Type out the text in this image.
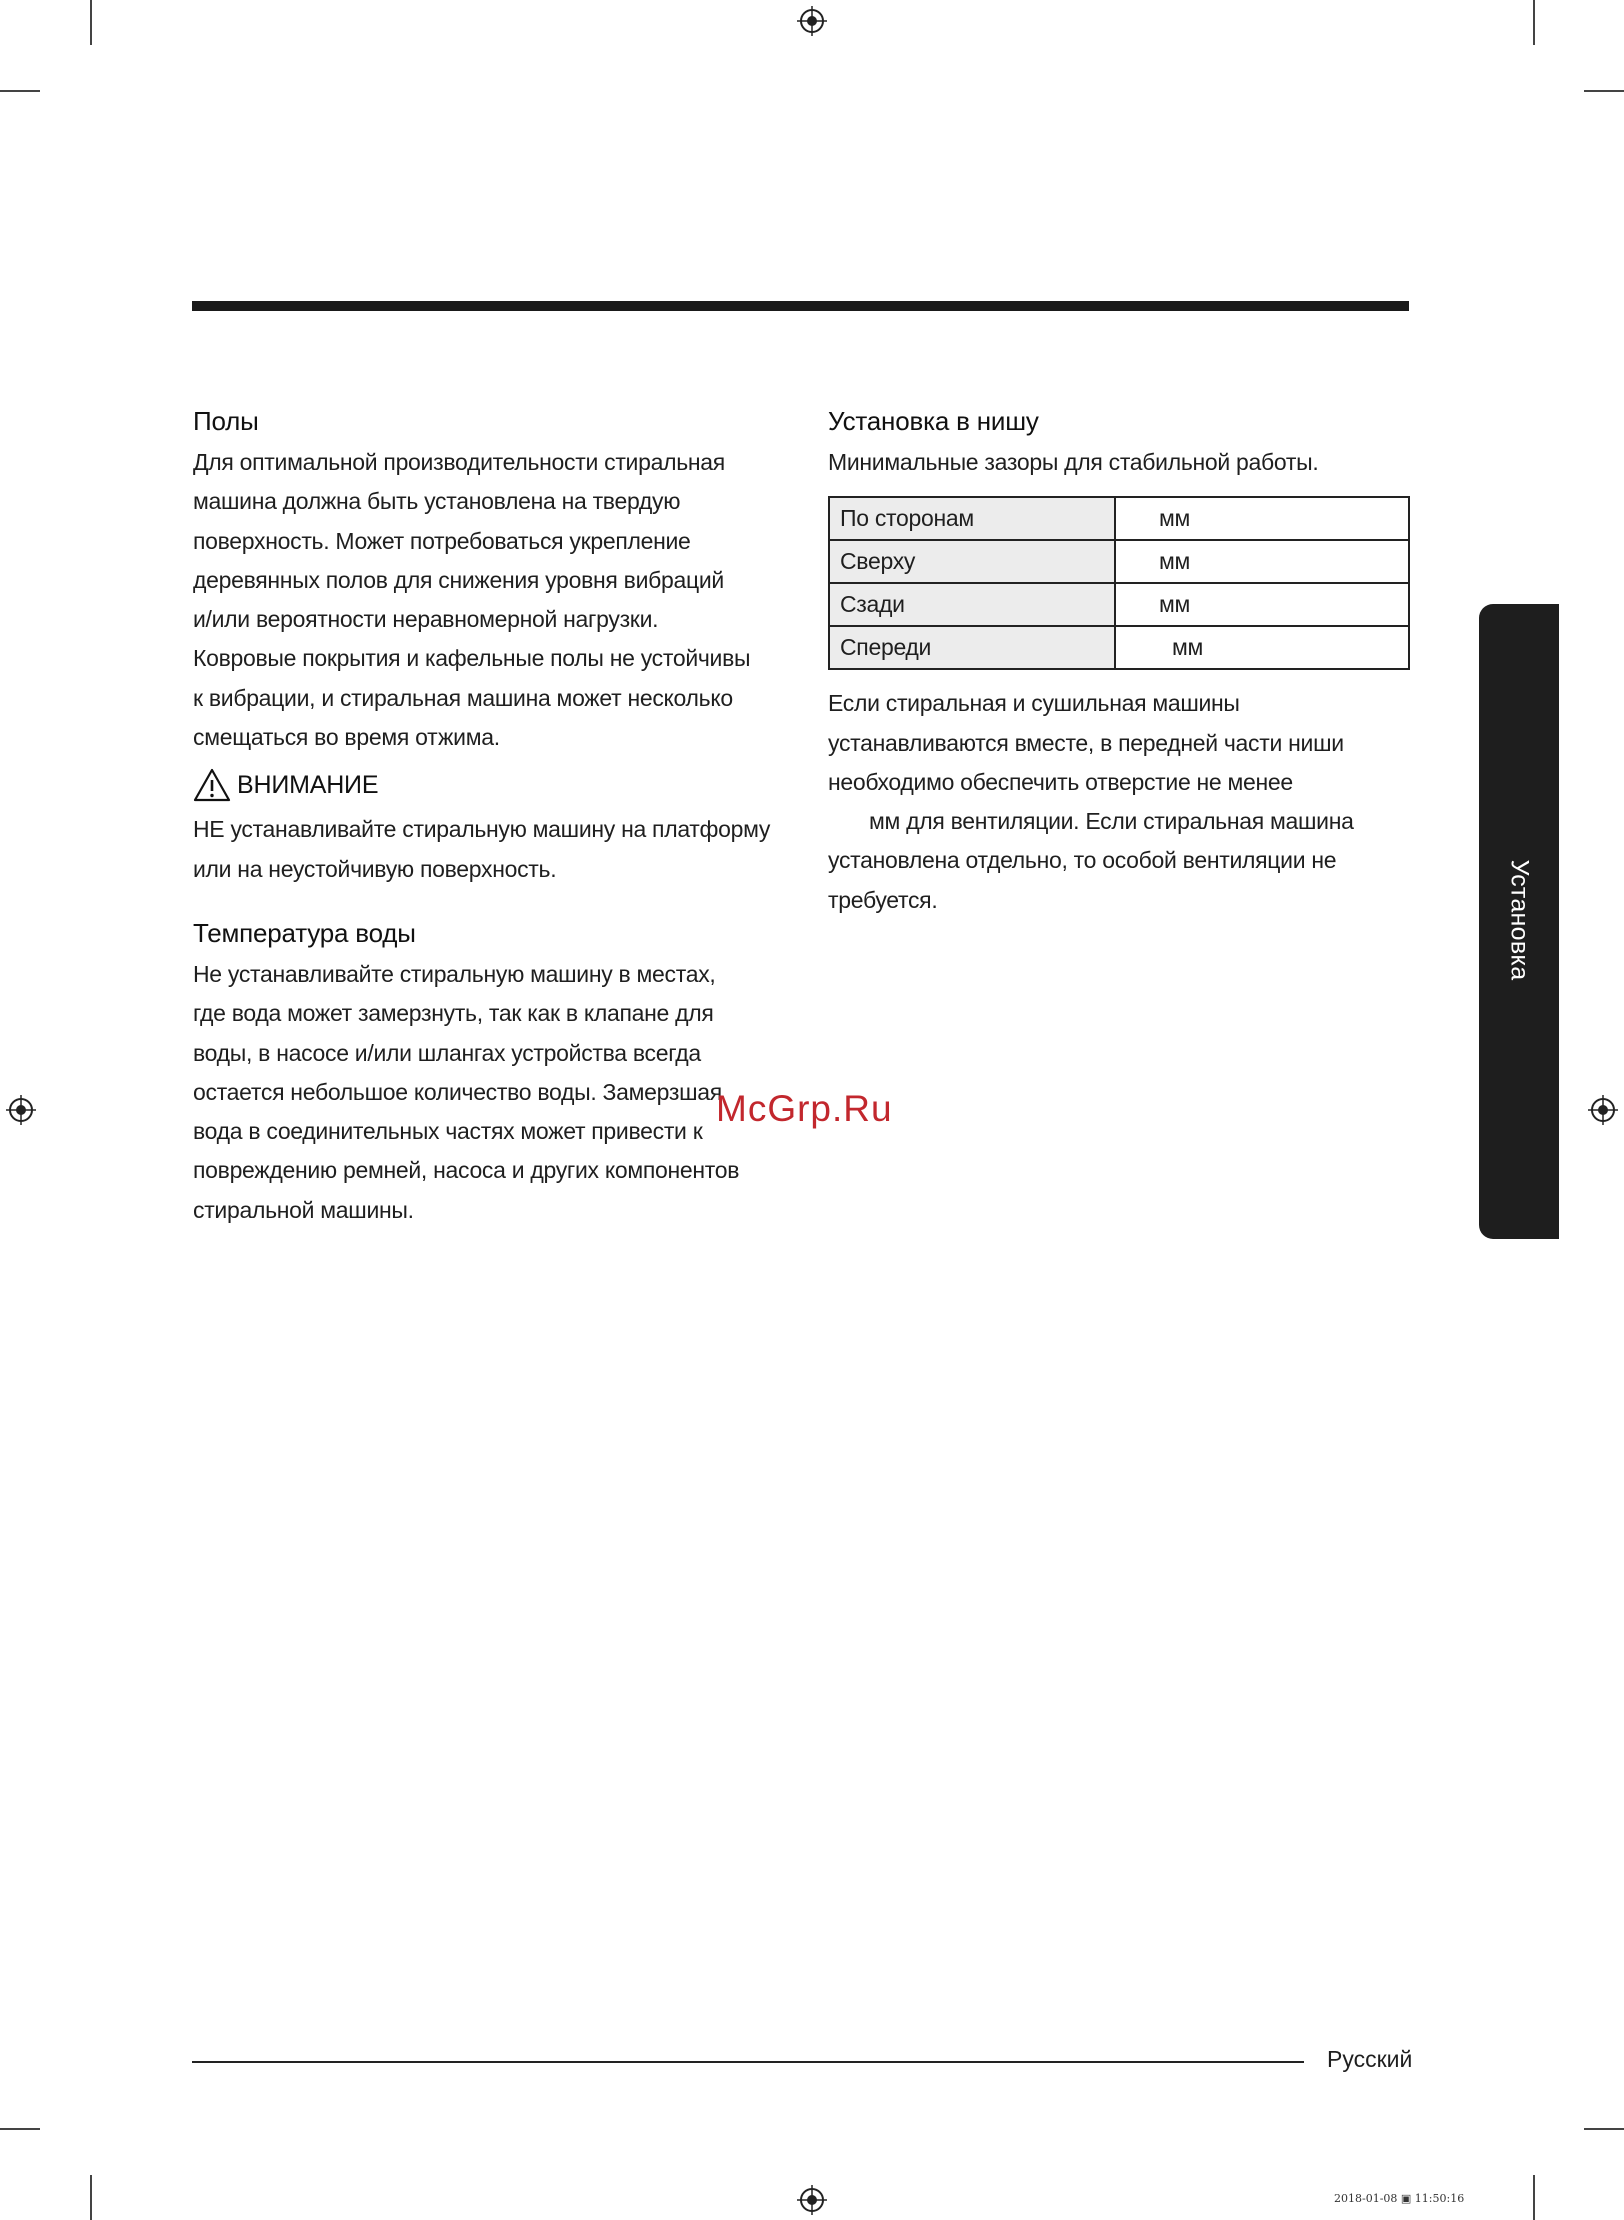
Полы

Для оптимальной производительности стиральная
машина должна быть установлена на твердую
поверхность. Может потребоваться укрепление
деревянных полов для снижения уровня вибраций
и/или вероятности неравномерной нагрузки.
Ковровые покрытия и кафельные полы не устойчивы
к вибрации, и стиральная машина может несколько
смещаться во время отжима.

ВНИМАНИЕ

НЕ устанавливайте стиральную машину на платформу
или на неустойчивую поверхность.

Температура воды

Не устанавливайте стиральную машину в местах,
где вода может замерзнуть, так как в клапане для
воды, в насосе и/или шлангах устройства всегда
остается небольшое количество воды. Замерзшая
вода в соединительных частях может привести к
повреждению ремней, насоса и других компонентов
стиральной машины.

Установка в нишу

Минимальные зазоры для стабильной работы.

По сторонам	мм
Сверху	мм
Сзади	мм
Спереди	мм

Если стиральная и сушильная машины
устанавливаются вместе, в передней части ниши
необходимо обеспечить отверстие не менее
мм для вентиляции. Если стиральная машина
установлена отдельно, то особой вентиляции не
требуется.	Установка
McGrp.Ru
Русский
2018-01-08 ▣ 11:50:16
